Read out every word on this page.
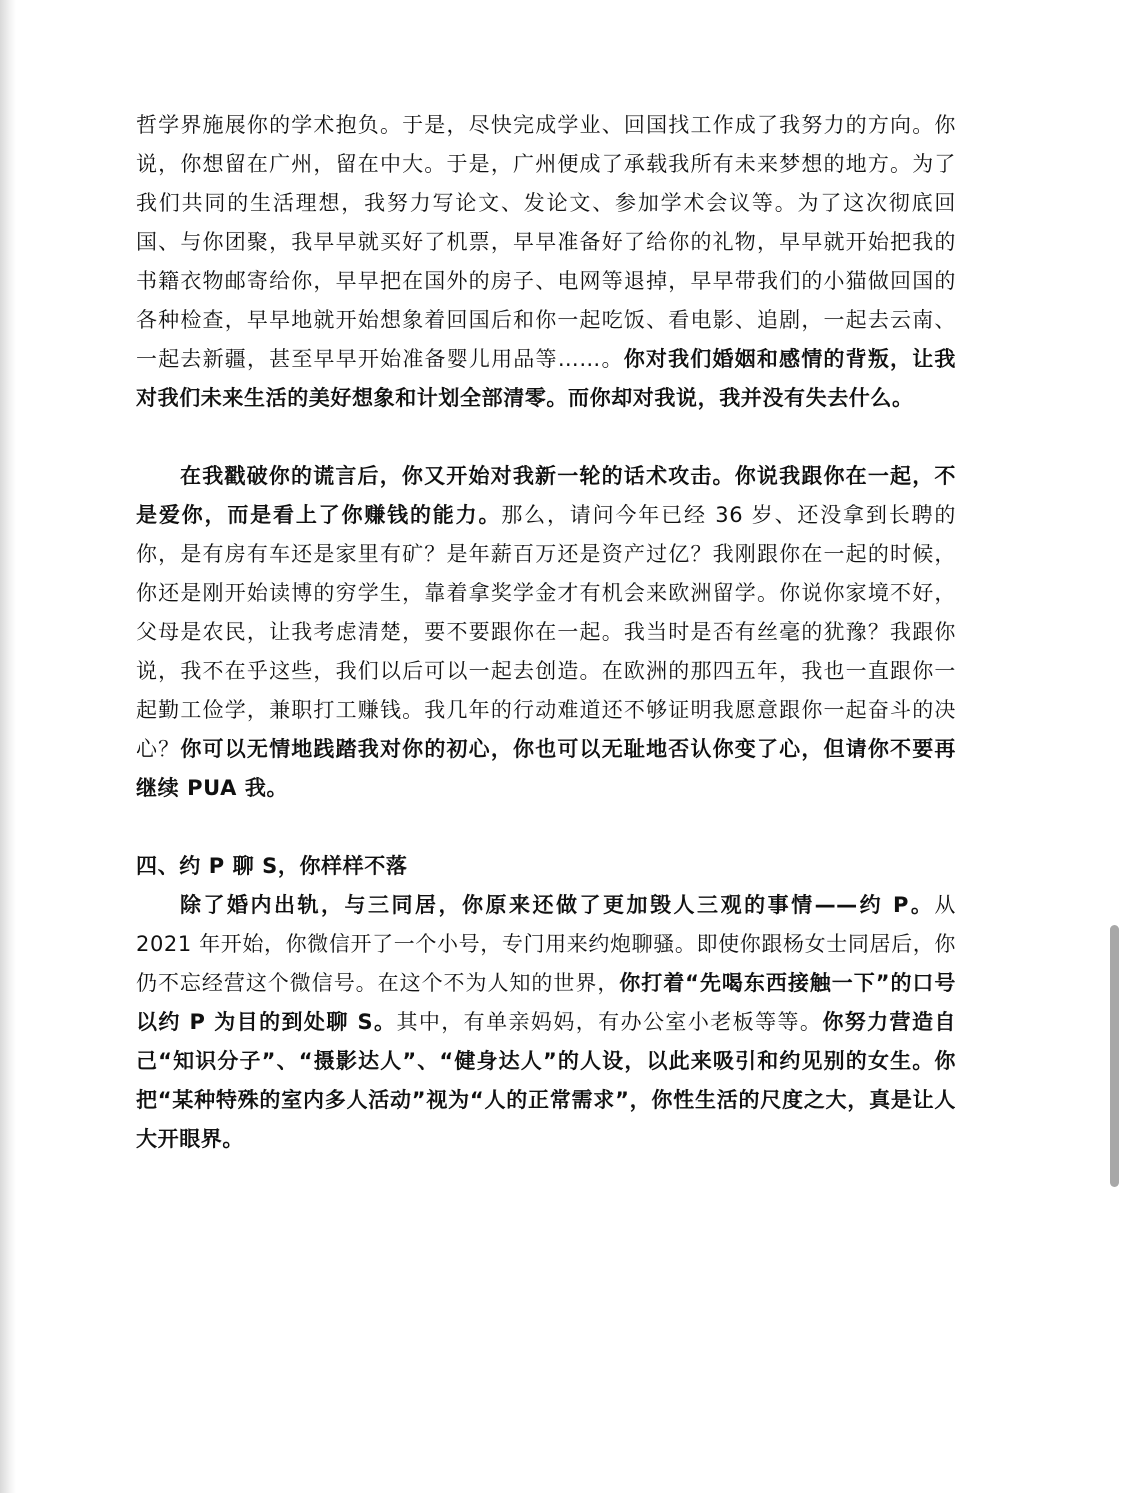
哲学界施展你的学术抱负。于是，尽快完成学业、回国找工作成了我努力的方向。你说，你想留在广州，留在中大。于是，广州便成了承载我所有未来梦想的地方。为了我们共同的生活理想，我努力写论文、发论文、参加学术会议等。为了这次彻底回国、与你团聚，我早早就买好了机票，早早准备好了给你的礼物，早早就开始把我的书籍衣物邮寄给你，早早把在国外的房子、电网等退掉，早早带我们的小猫做回国的各种检查，早早地就开始想象着回国后和你一起吃饭、看电影、追剧，一起去云南、一起去新疆，甚至早早开始准备婴儿用品等……。你对我们婚姻和感情的背叛，让我对我们未来生活的美好想象和计划全部清零。而你却对我说，我并没有失去什么。

在我戳破你的谎言后，你又开始对我新一轮的话术攻击。你说我跟你在一起，不是爱你，而是看上了你赚钱的能力。那么，请问今年已经 36 岁、还没拿到长聘的你，是有房有车还是家里有矿？是年薪百万还是资产过亿？我刚跟你在一起的时候，你还是刚开始读博的穷学生，靠着拿奖学金才有机会来欧洲留学。你说你家境不好，父母是农民，让我考虑清楚，要不要跟你在一起。我当时是否有丝毫的犹豫？我跟你说，我不在乎这些，我们以后可以一起去创造。在欧洲的那四五年，我也一直跟你一起勤工俭学，兼职打工赚钱。我几年的行动难道还不够证明我愿意跟你一起奋斗的决心？你可以无情地践踏我对你的初心，你也可以无耻地否认你变了心，但请你不要再继续 PUA 我。

四、约 P 聊 S，你样样不落

除了婚内出轨，与三同居，你原来还做了更加毁人三观的事情——约 P。从 2021 年开始，你微信开了一个小号，专门用来约炮聊骚。即使你跟杨女士同居后，你仍不忘经营这个微信号。在这个不为人知的世界，你打着“先喝东西接触一下”的口号以约 P 为目的到处聊 S。其中，有单亲妈妈，有办公室小老板等等。你努力营造自己“知识分子”、“摄影达人”、“健身达人”的人设，以此来吸引和约见别的女生。你把“某种特殊的室内多人活动”视为“人的正常需求”，你性生活的尺度之大，真是让人大开眼界。
